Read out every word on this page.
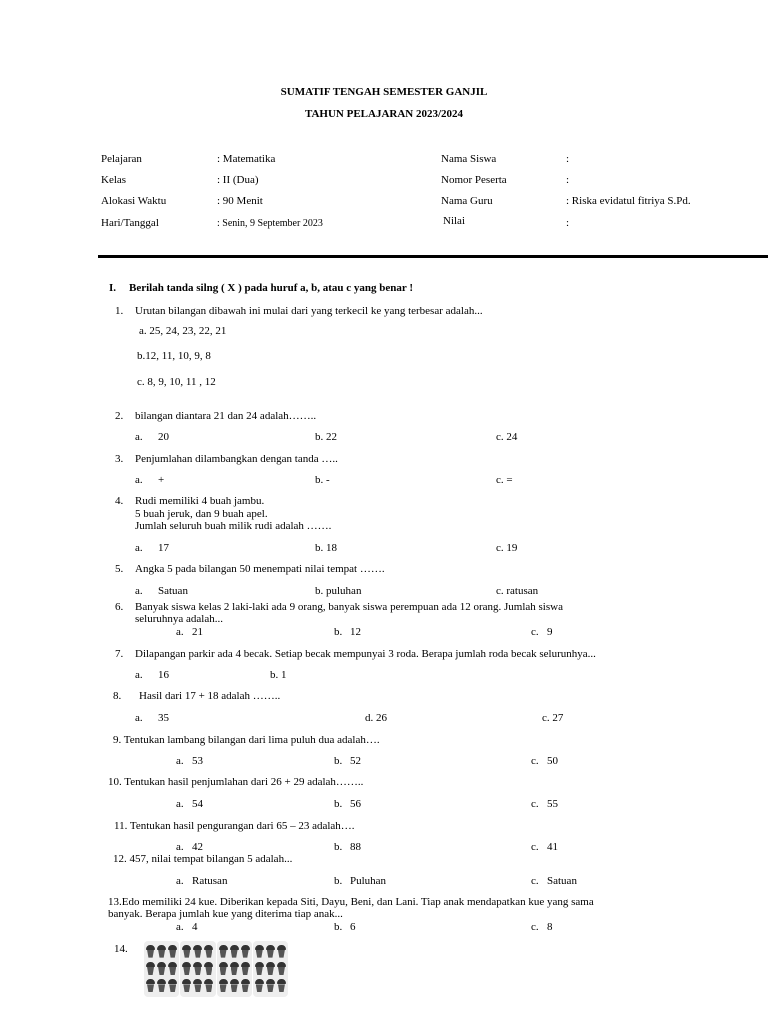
SUMATIF TENGAH SEMESTER GANJIL
TAHUN PELAJARAN 2023/2024
Pelajaran	: Matematika
Kelas	: II (Dua)
Alokasi Waktu	: 90 Menit
Hari/Tanggal	: Senin, 9 September 2023
Nama Siswa	:
Nomor Peserta	:
Nama Guru	: Riska evidatul fitriya S.Pd.
Nilai	:
I. Berilah tanda silng ( X ) pada huruf a, b, atau c yang benar !
1. Urutan bilangan dibawah ini mulai dari yang terkecil ke yang terbesar adalah...
a. 25, 24, 23, 22, 21
b.12, 11, 10, 9, 8
c. 8, 9, 10, 11 , 12
2. bilangan diantara 21 dan 24 adalah……..
a. 20	b. 22	c. 24
3. Penjumlahan dilambangkan dengan tanda …..
a. +	b. -	c. =
4. Rudi memiliki 4 buah jambu.
5 buah jeruk, dan 9 buah apel.
Jumlah seluruh buah milik rudi adalah …….
a. 17	b. 18	c. 19
5. Angka 5 pada bilangan 50 menempati nilai tempat …….
a. Satuan	b. puluhan	c. ratusan
6. Banyak siswa kelas 2 laki-laki ada 9 orang, banyak siswa perempuan ada 12 orang. Jumlah siswa
seluruhnya adalah...
a. 21	b. 12	c. 9
7. Dilapangan parkir ada 4 becak. Setiap becak mempunyai 3 roda. Berapa jumlah roda becak selurunhya...
a. 16	b. 1
8. Hasil dari 17 + 18 adalah ……..
a. 35	d. 26	c. 27
9. Tentukan lambang bilangan dari lima puluh dua adalah….
a. 53	b. 52	c. 50
10. Tentukan hasil penjumlahan dari 26 + 29 adalah……..
a. 54	b. 56	c. 55
11. Tentukan hasil pengurangan dari 65 – 23 adalah….
a. 42	b. 88	c. 41
12. 457, nilai tempat bilangan 5 adalah...
a. Ratusan	b. Puluhan	c. Satuan
13.Edo memiliki 24 kue. Diberikan kepada Siti, Dayu, Beni, dan Lani. Tiap anak mendapatkan kue yang sama
banyak. Berapa jumlah kue yang diterima tiap anak...
a. 4	b. 6	c. 8
14.
